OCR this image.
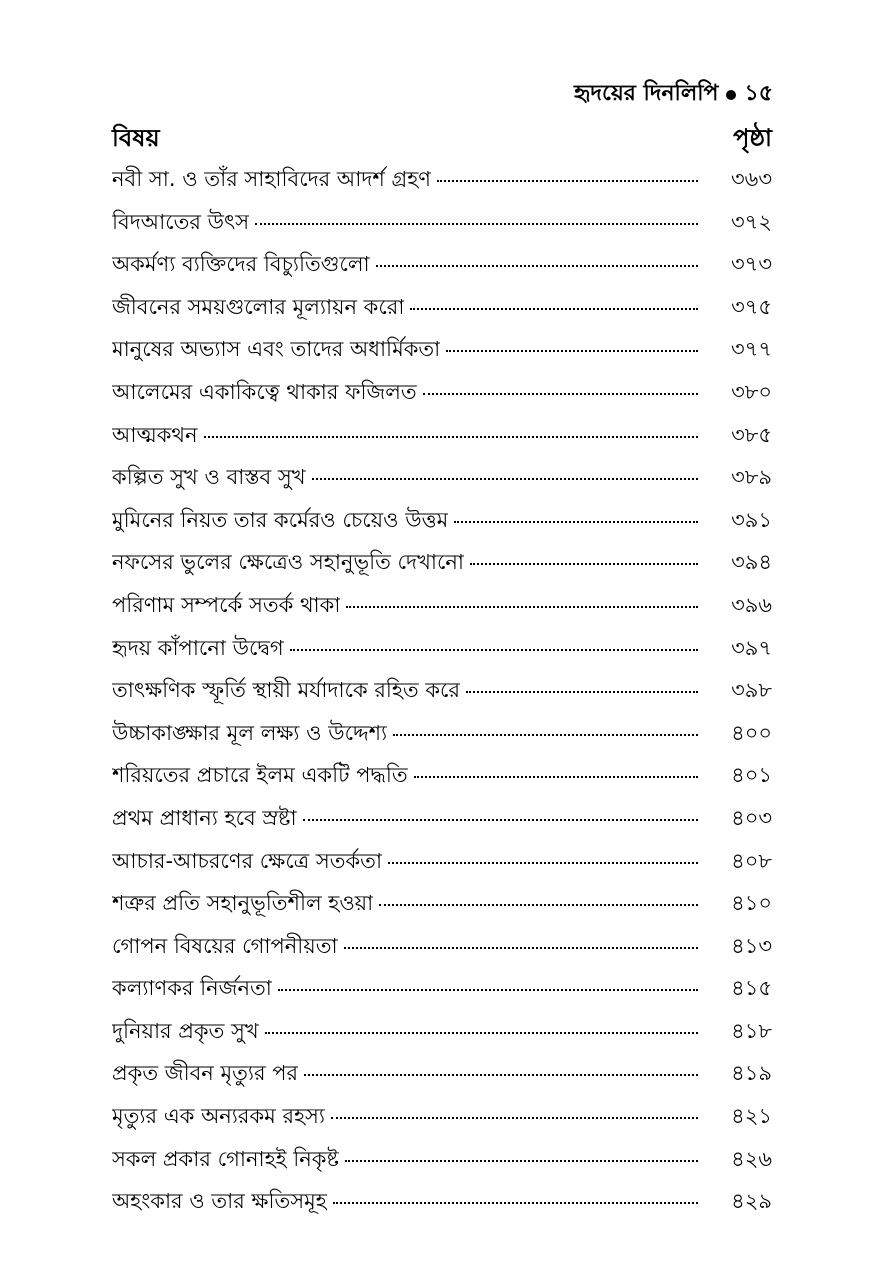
হৃদয়ের দিনলিপি ১৫
বিষয়	পৃষ্ঠা
নবী সা. ও তাঁর সাহাবিদের আদর্শ গ্রহণ	৩৬৩
বিদআতের উৎস	৩৭২
অকর্মণ্য ব্যক্তিদের বিচ্যুতিগুলো	৩৭৩
জীবনের সময়গুলোর মূল্যায়ন করো	৩৭৫
মানুষের অভ্যাস এবং তাদের অধার্মিকতা	৩৭৭
আলেমের একাকিত্বে থাকার ফজিলত	৩৮০
আত্মকথন	৩৮৫
কল্পিত সুখ ও বাস্তব সুখ	৩৮৯
মুমিনের নিয়ত তার কর্মেরও চেয়েও উত্তম	৩৯১
নফসের ভুলের ক্ষেত্রেও সহানুভূতি দেখানো	৩৯৪
পরিণাম সম্পর্কে সতর্ক থাকা	৩৯৬
হৃদয় কাঁপানো উদ্বেগ	৩৯৭
তাৎক্ষণিক স্ফূর্তি স্থায়ী মর্যাদাকে রহিত করে	৩৯৮
উচ্চাকাঙ্ক্ষার মূল লক্ষ্য ও উদ্দেশ্য	৪০০
শরিয়তের প্রচারে ইলম একটি পদ্ধতি	৪০১
প্রথম প্রাধান্য হবে স্রষ্টা	৪০৩
আচার-আচরণের ক্ষেত্রে সতর্কতা	৪০৮
শত্রুর প্রতি সহানুভূতিশীল হওয়া	৪১০
গোপন বিষয়ের গোপনীয়তা	৪১৩
কল্যাণকর নির্জনতা	৪১৫
দুনিয়ার প্রকৃত সুখ	৪১৮
প্রকৃত জীবন মৃত্যুর পর	৪১৯
মৃত্যুর এক অন্যরকম রহস্য	৪২১
সকল প্রকার গোনাহই নিকৃষ্ট	৪২৬
অহংকার ও তার ক্ষতিসমূহ	৪২৯
